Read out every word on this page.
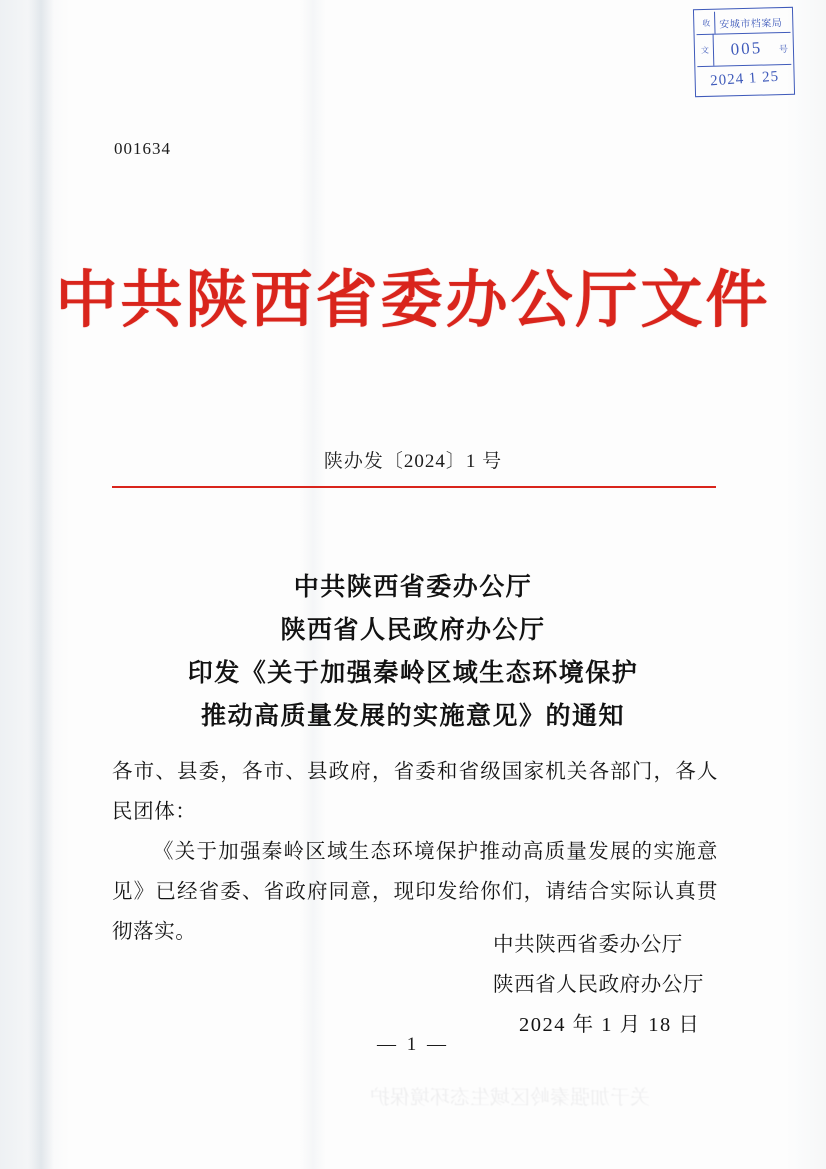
收 安城市档案局
文	005	号
2024 1 25
001634
中共陕西省委办公厅文件
陕办发〔2024〕1 号
中共陕西省委办公厅
陕西省人民政府办公厅
印发《关于加强秦岭区域生态环境保护
推动高质量发展的实施意见》的通知

各市、县委，各市、县政府，省委和省级国家机关各部门，各人民团体：

《关于加强秦岭区域生态环境保护推动高质量发展的实施意见》已经省委、省政府同意，现印发给你们，请结合实际认真贯彻落实。

中共陕西省委办公厅
陕西省人民政府办公厅
2024 年 1 月 18 日
— 1 —
关于加强秦岭区域生态环境保护
